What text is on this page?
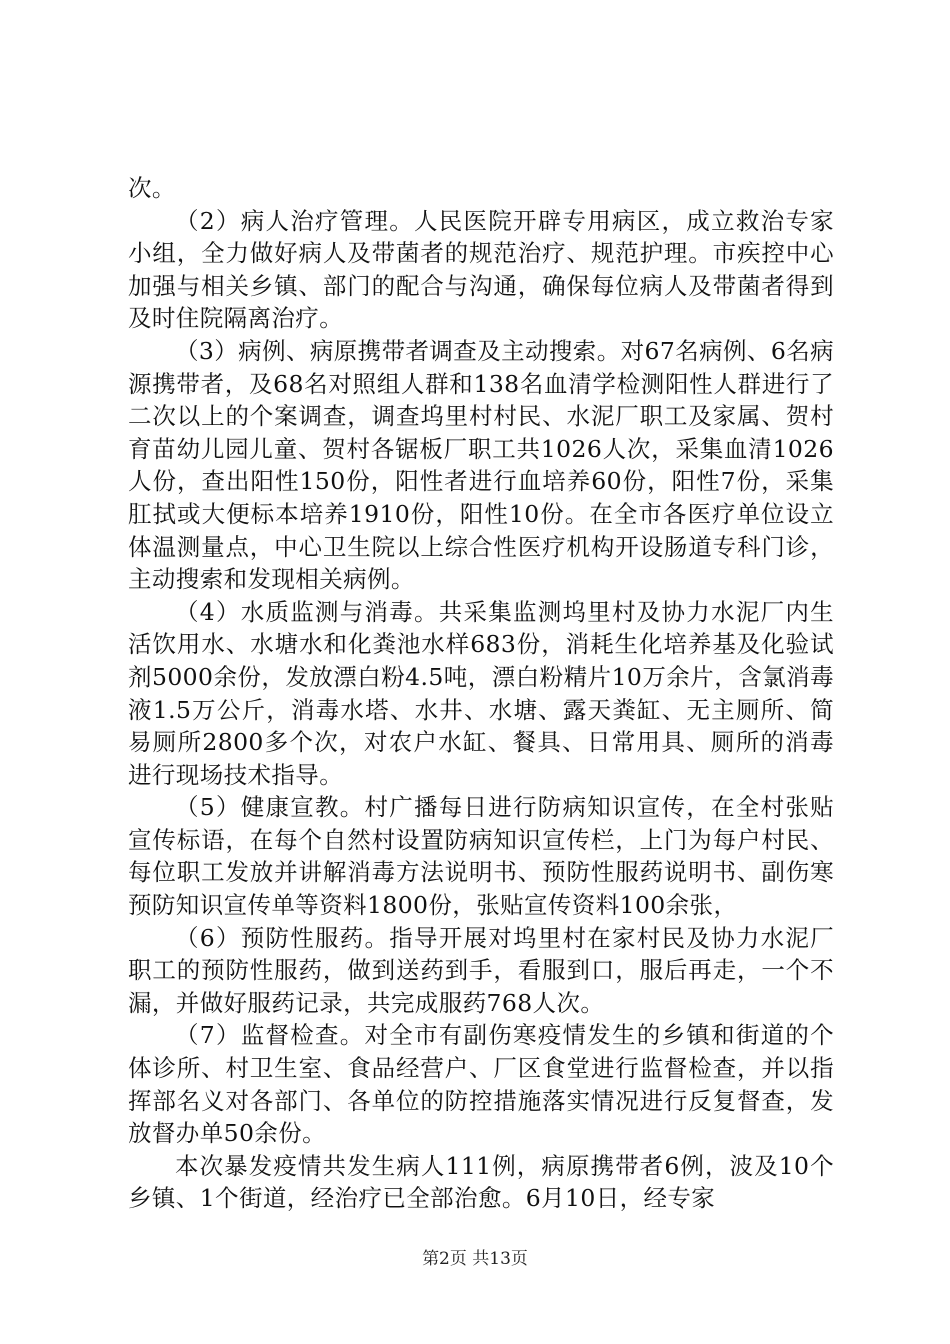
次。

（2）病人治疗管理。人民医院开辟专用病区，成立救治专家小组，全力做好病人及带菌者的规范治疗、规范护理。市疾控中心加强与相关乡镇、部门的配合与沟通，确保每位病人及带菌者得到及时住院隔离治疗。

（3）病例、病原携带者调查及主动搜索。对67名病例、6名病源携带者，及68名对照组人群和138名血清学检测阳性人群进行了二次以上的个案调查，调查坞里村村民、水泥厂职工及家属、贺村育苗幼儿园儿童、贺村各锯板厂职工共1026人次，采集血清1026人份，查出阳性150份，阳性者进行血培养60份，阳性7份，采集肛拭或大便标本培养1910份，阳性10份。在全市各医疗单位设立体温测量点，中心卫生院以上综合性医疗机构开设肠道专科门诊，主动搜索和发现相关病例。

（4）水质监测与消毒。共采集监测坞里村及协力水泥厂内生活饮用水、水塘水和化粪池水样683份，消耗生化培养基及化验试剂5000余份，发放漂白粉4.5吨，漂白粉精片10万余片，含氯消毒液1.5万公斤，消毒水塔、水井、水塘、露天粪缸、无主厕所、简易厕所2800多个次，对农户水缸、餐具、日常用具、厕所的消毒进行现场技术指导。

（5）健康宣教。村广播每日进行防病知识宣传，在全村张贴宣传标语，在每个自然村设置防病知识宣传栏，上门为每户村民、每位职工发放并讲解消毒方法说明书、预防性服药说明书、副伤寒预防知识宣传单等资料1800份，张贴宣传资料100余张，

（6）预防性服药。指导开展对坞里村在家村民及协力水泥厂职工的预防性服药，做到送药到手，看服到口，服后再走，一个不漏，并做好服药记录，共完成服药768人次。

（7）监督检查。对全市有副伤寒疫情发生的乡镇和街道的个体诊所、村卫生室、食品经营户、厂区食堂进行监督检查，并以指挥部名义对各部门、各单位的防控措施落实情况进行反复督查，发放督办单50余份。

本次暴发疫情共发生病人111例，病原携带者6例，波及10个乡镇、1个街道，经治疗已全部治愈。6月10日，经专家

第2页 共13页
